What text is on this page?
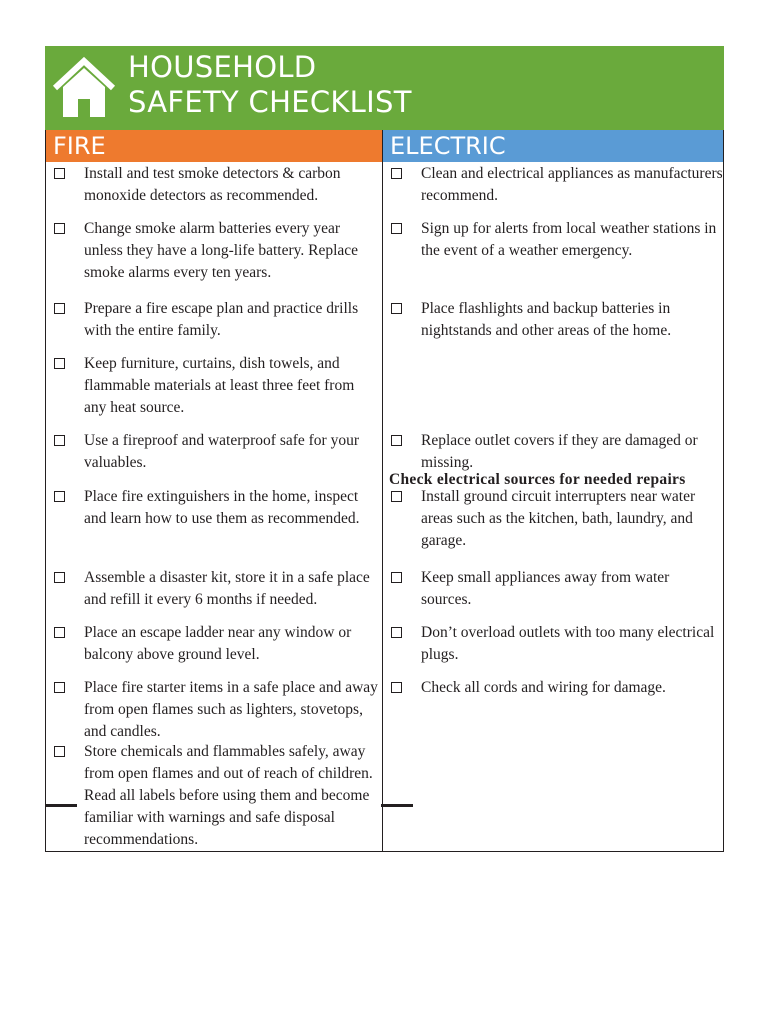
HOUSEHOLD
SAFETY CHECKLIST
FIRE
Install and test smoke detectors & carbon monoxide detectors as recommended.
Change smoke alarm batteries every year unless they have a long-life battery. Replace smoke alarms every ten years.
Prepare a fire escape plan and practice drills with the entire family.
Keep furniture, curtains, dish towels, and flammable materials at least three feet from any heat source.
Use a fireproof and waterproof safe for your valuables.
Place fire extinguishers in the home, inspect and learn how to use them as recommended.
Assemble a disaster kit, store it in a safe place and refill it every 6 months if needed.
Place an escape ladder near any window or balcony above ground level.
Place fire starter items in a safe place and away from open flames such as lighters, stovetops, and candles.
Store chemicals and flammables safely, away from open flames and out of reach of children. Read all labels before using them and become familiar with warnings and safe disposal recommendations.
ELECTRIC
Clean and electrical appliances as manufacturers recommend.
Sign up for alerts from local weather stations in the event of a weather emergency.
Place flashlights and backup batteries in nightstands and other areas of the home.
Check electrical sources for needed repairs
Replace outlet covers if they are damaged or missing.
Install ground circuit interrupters near water areas such as the kitchen, bath, laundry, and garage.
Keep small appliances away from water sources.
Don’t overload outlets with too many electrical plugs.
Check all cords and wiring for damage.
